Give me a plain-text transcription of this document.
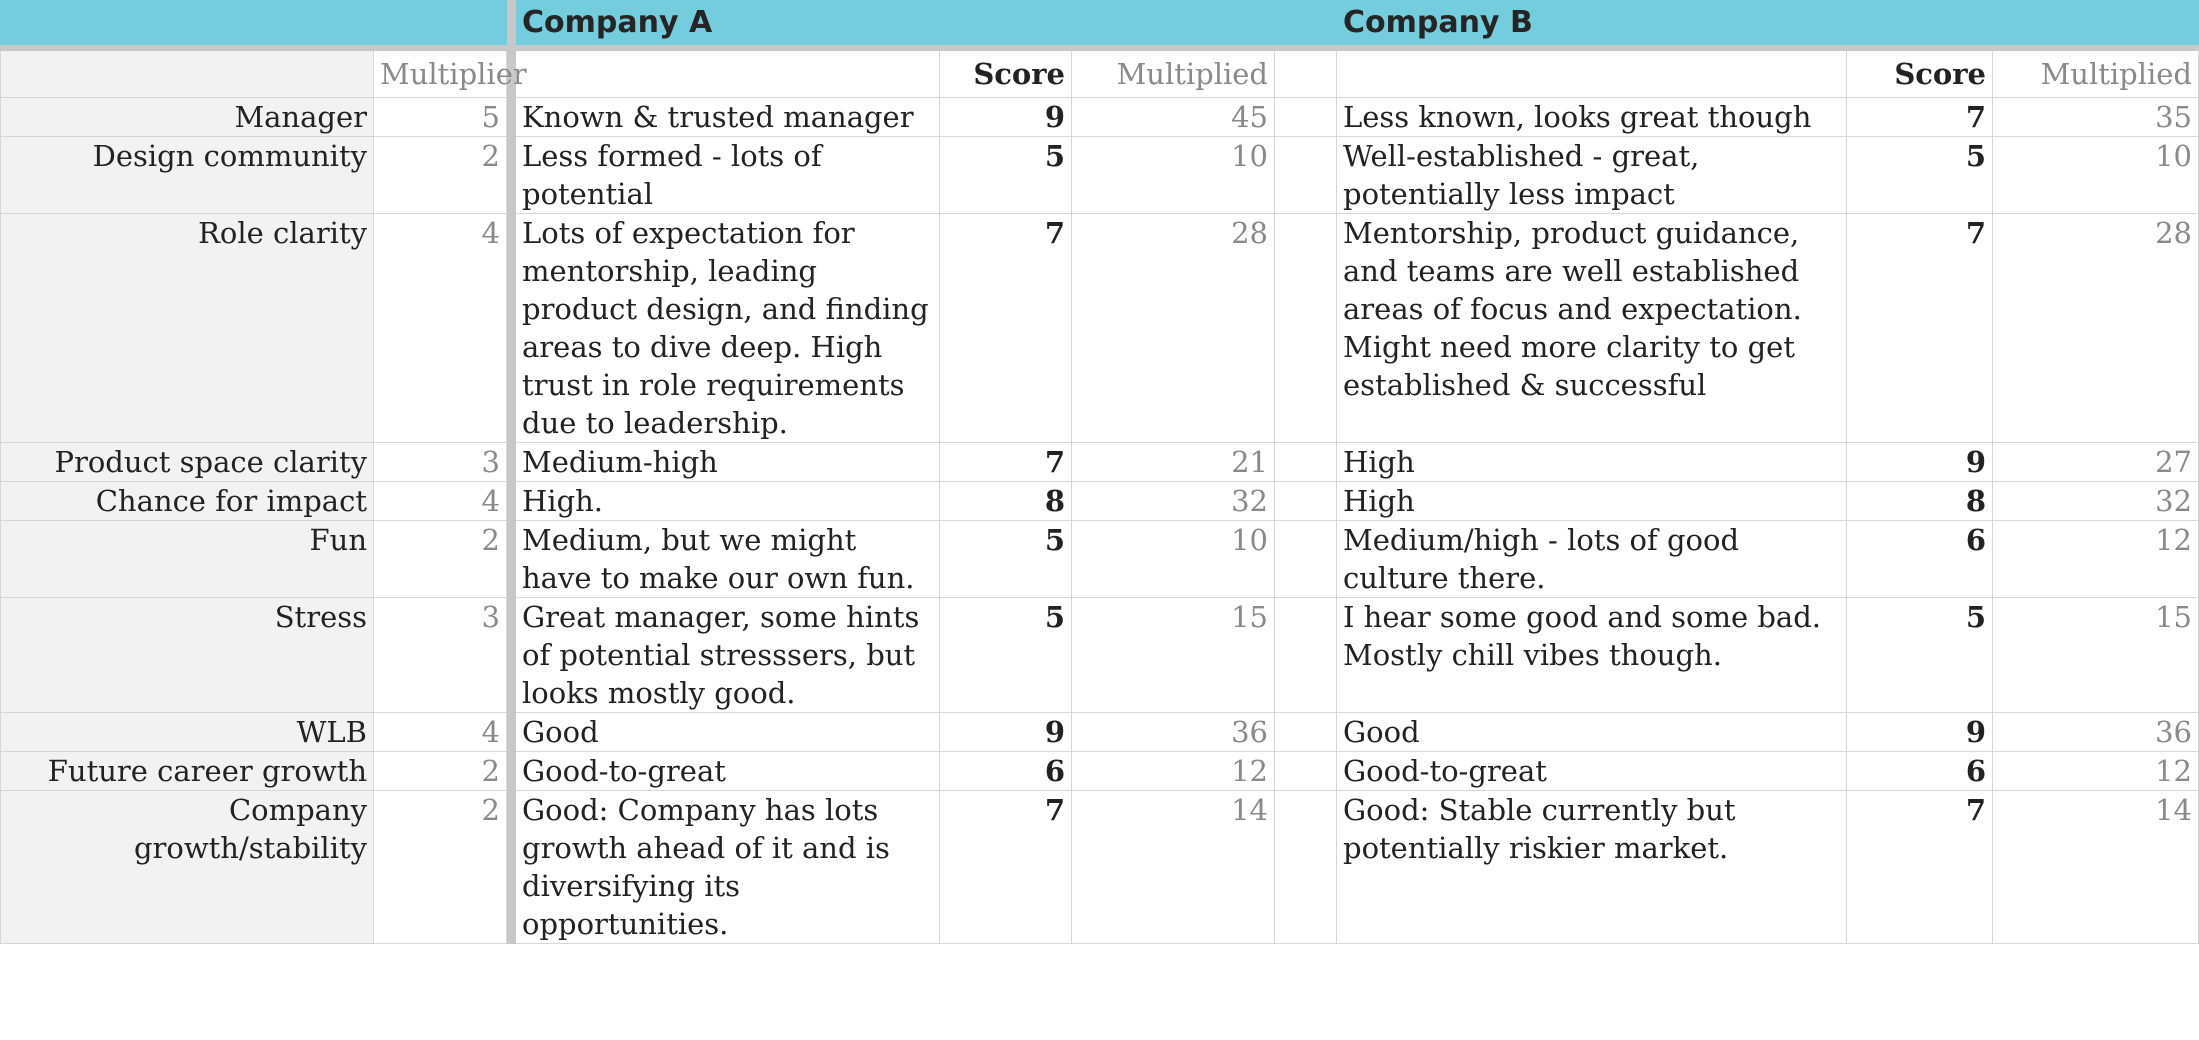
			Company A				Company B		
	Multiplier			Score	Multiplied			Score	Multiplied
Manager	5		Known & trusted manager	9	45		Less known, looks great though	7	35
Design community	2		Less formed - lots of potential	5	10		Well-established - great, potentially less impact	5	10
Role clarity	4		Lots of expectation for mentorship, leading product design, and finding areas to dive deep. High trust in role requirements due to leadership.	7	28		Mentorship, product guidance, and teams are well established areas of focus and expectation. Might need more clarity to get established & successful	7	28
Product space clarity	3		Medium-high	7	21		High	9	27
Chance for impact	4		High.	8	32		High	8	32
Fun	2		Medium, but we might have to make our own fun.	5	10		Medium/high - lots of good culture there.	6	12
Stress	3		Great manager, some hints of potential stresssers, but looks mostly good.	5	15		I hear some good and some bad. Mostly chill vibes though.	5	15
WLB	4		Good	9	36		Good	9	36
Future career growth	2		Good-to-great	6	12		Good-to-great	6	12
Company growth/stability	2		Good: Company has lots growth ahead of it and is diversifying its opportunities.	7	14		Good: Stable currently but potentially riskier market.	7	14
